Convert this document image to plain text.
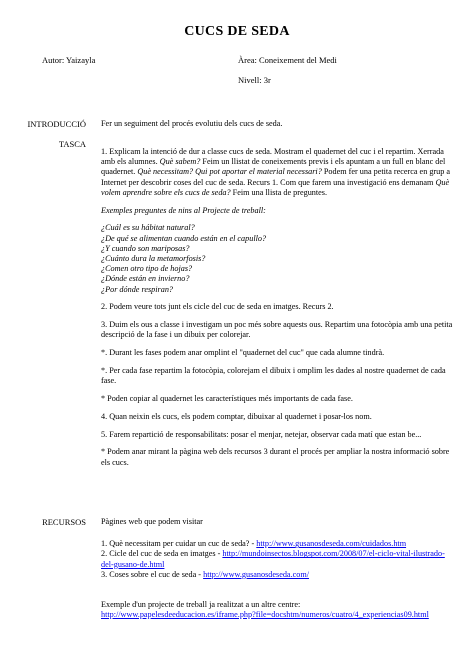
CUCS DE SEDA
Autor: Yaizayla	Àrea: Coneixement del Medi
Nivell: 3r
INTRODUCCIÓ Fer un seguiment del procés evolutiu dels cucs de seda.
TASCA

1. Explicam la intenció de dur a classe cucs de seda. Mostram el quadernet del cuc i el repartim. Xerrada amb els alumnes. Què sabem? Feim un llistat de coneixements previs i els apuntam a un full en blanc del quadernet. Què necessitam? Qui pot aportar el material necessari? Podem fer una petita recerca en grup a Internet per descobrir coses del cuc de seda. Recurs 1. Com que farem una investigació ens demanam Què volem aprendre sobre els cucs de seda? Feim una llista de preguntes.

Exemples preguntes de nins al Projecte de treball:

¿Cuál es su hábitat natural?
¿De qué se alimentan cuando están en el capullo?
¿Y cuando son mariposas?
¿Cuánto dura la metamorfosis?
¿Comen otro tipo de hojas?
¿Dónde están en invierno?
¿Por dónde respiran?

2. Podem veure tots junt els cicle del cuc de seda en imatges. Recurs 2.

3. Duim els ous a classe i investigam un poc més sobre aquests ous. Repartim una fotocòpia amb una petita descripció de la fase i un dibuix per colorejar.

*. Durant les fases podem anar omplint el "quadernet del cuc" que cada alumne tindrà.

*. Per cada fase repartim la fotocòpia, colorejam el dibuix i omplim les dades al nostre quadernet de cada fase.

* Poden copiar al quadernet les característiques més importants de cada fase.

4. Quan neixin els cucs, els podem comptar, dibuixar al quadernet i posar-los nom.

5. Farem repartició de responsabilitats: posar el menjar, netejar, observar cada matí que estan be...

* Podem anar mirant la pàgina web dels recursos 3 durant el procés per ampliar la nostra informació sobre els cucs.

RECURSOS Pàgines web que podem visitar

1. Què necessitam per cuidar un cuc de seda? - http://www.gusanosdeseda.com/cuidados.htm

2. Cicle del cuc de seda en imatges - http://mundoinsectos.blogspot.com/2008/07/el-ciclo-vital-ilustrado-del-gusano-de.html

3. Coses sobre el cuc de seda - http://www.gusanosdeseda.com/

Exemple d'un projecte de treball ja realitzat a un altre centre:

http://www.papelesdeeducacion.es/iframe.php?file=docshtm/numeros/cuatro/4_experiencias09.html
